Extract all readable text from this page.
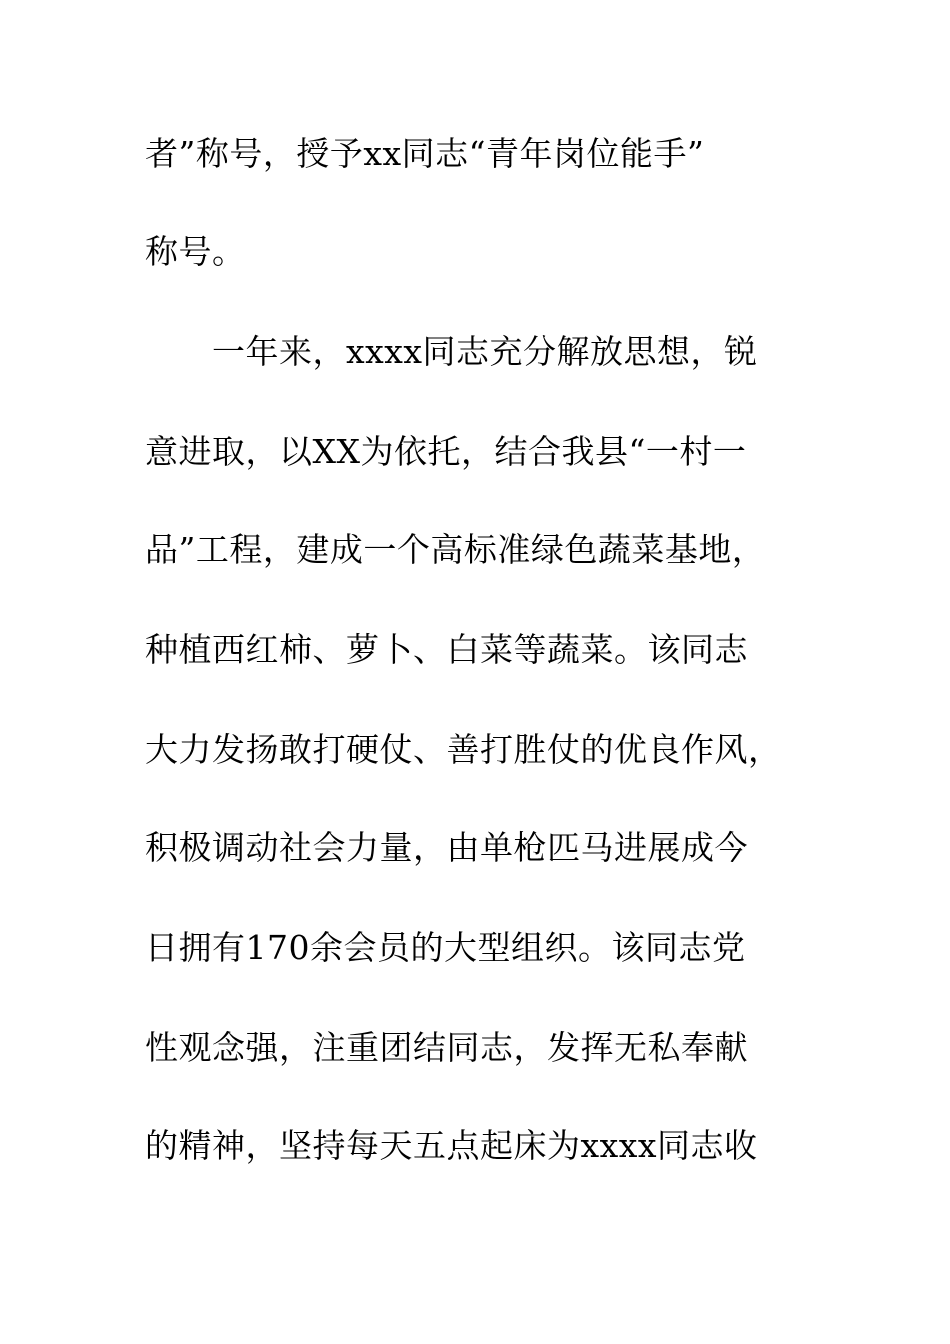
者”称号，授予xx同志“青年岗位能手”
称号。
　　一年来，xxxx同志充分解放思想，锐
意进取，以XX为依托，结合我县“一村一
品”工程，建成一个高标准绿色蔬菜基地，
种植西红柿、萝卜、白菜等蔬菜。该同志
大力发扬敢打硬仗、善打胜仗的优良作风，
积极调动社会力量，由单枪匹马进展成今
日拥有170余会员的大型组织。该同志党
性观念强，注重团结同志，发挥无私奉献
的精神，坚持每天五点起床为xxxx同志收
